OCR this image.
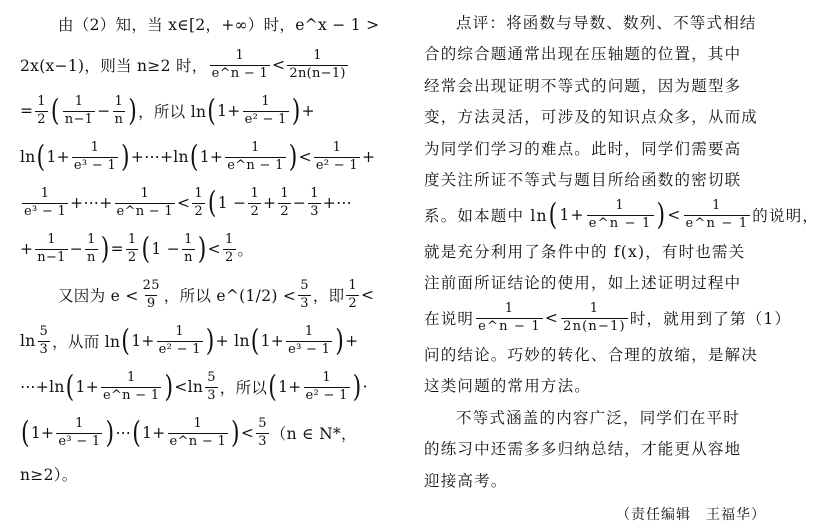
由（2）知，当 x∈[2，+∞）时，e^x − 1 >
2x(x−1)，则当 n≥2 时， $\frac{1}{e\^{}n - 1} < \frac{1}{2n(n-1)}$
= $\frac{1}{2}$ ( $\frac{1}{n-1} - \frac{1}{n}$ ) ，所以 ln ( $1+ \frac{1}{\text{e² − 1}}$ ) +
ln ( $1+ \frac{1}{\text{e³ − 1}}$ ) +⋯+ln ( $1+ \frac{1}{e\^{}n - 1}$ ) < $\frac{1}{\text{e² − 1}}$ +
$\frac{1}{\text{e³ − 1}}$ +⋯+ $\frac{1}{e\^{}n - 1} < \frac{1}{2}$ ( $1 - \frac{1}{2} + \frac{1}{2} - \frac{1}{3}$ +⋯
+ $\frac{1}{n-1} - \frac{1}{n}$ ) = $\frac{1}{2}$ ( $1 - \frac{1}{n}$ ) < $\frac{1}{2}$ 。
又因为 $e < \frac{25}{9}$ ，所以 e^(1/2) < $\frac{5}{3}$ ，即 $\frac{1}{2}$ <
$\ln \frac{5}{3}$ ，从而 ln ( $1+ \frac{1}{\text{e² − 1}}$ ) + ln ( $1+ \frac{1}{\text{e³ − 1}}$ ) +
⋯+ln ( $1+ \frac{1}{e\^{}n - 1}$ ) $<\ln \frac{5}{3}$ ，所以 ( $1+ \frac{1}{\text{e² − 1}}$ ) ·
( $1+ \frac{1}{\text{e³ − 1}}$ ) ⋯ ( $1+ \frac{1}{e\^{}n - 1}$ ) < $\frac{5}{3} (n$ ∈ N*，
n≥2）。
点评：将函数与导数、数列、不等式相结
合的综合题通常出现在压轴题的位置，其中
经常会出现证明不等式的问题，因为题型多
变，方法灵活，可涉及的知识点众多，从而成
为同学们学习的难点。此时，同学们需要高
度关注所证不等式与题目所给函数的密切联
系。如本题中 ln ( $1+ \frac{1}{e\^{}n - 1}$ ) < $\frac{1}{e\^{}n - 1}$ 的说明，
就是充分利用了条件中的 f(x)，有时也需关
注前面所证结论的使用，如上述证明过程中
在说明 $\frac{1}{e\^{}n - 1} < \frac{1}{2n(n-1)}$ 时，就用到了第（1）
问的结论。巧妙的转化、合理的放缩，是解决
这类问题的常用方法。
不等式涵盖的内容广泛，同学们在平时
的练习中还需多多归纳总结，才能更从容地
迎接高考。
（责任编辑　王福华）
